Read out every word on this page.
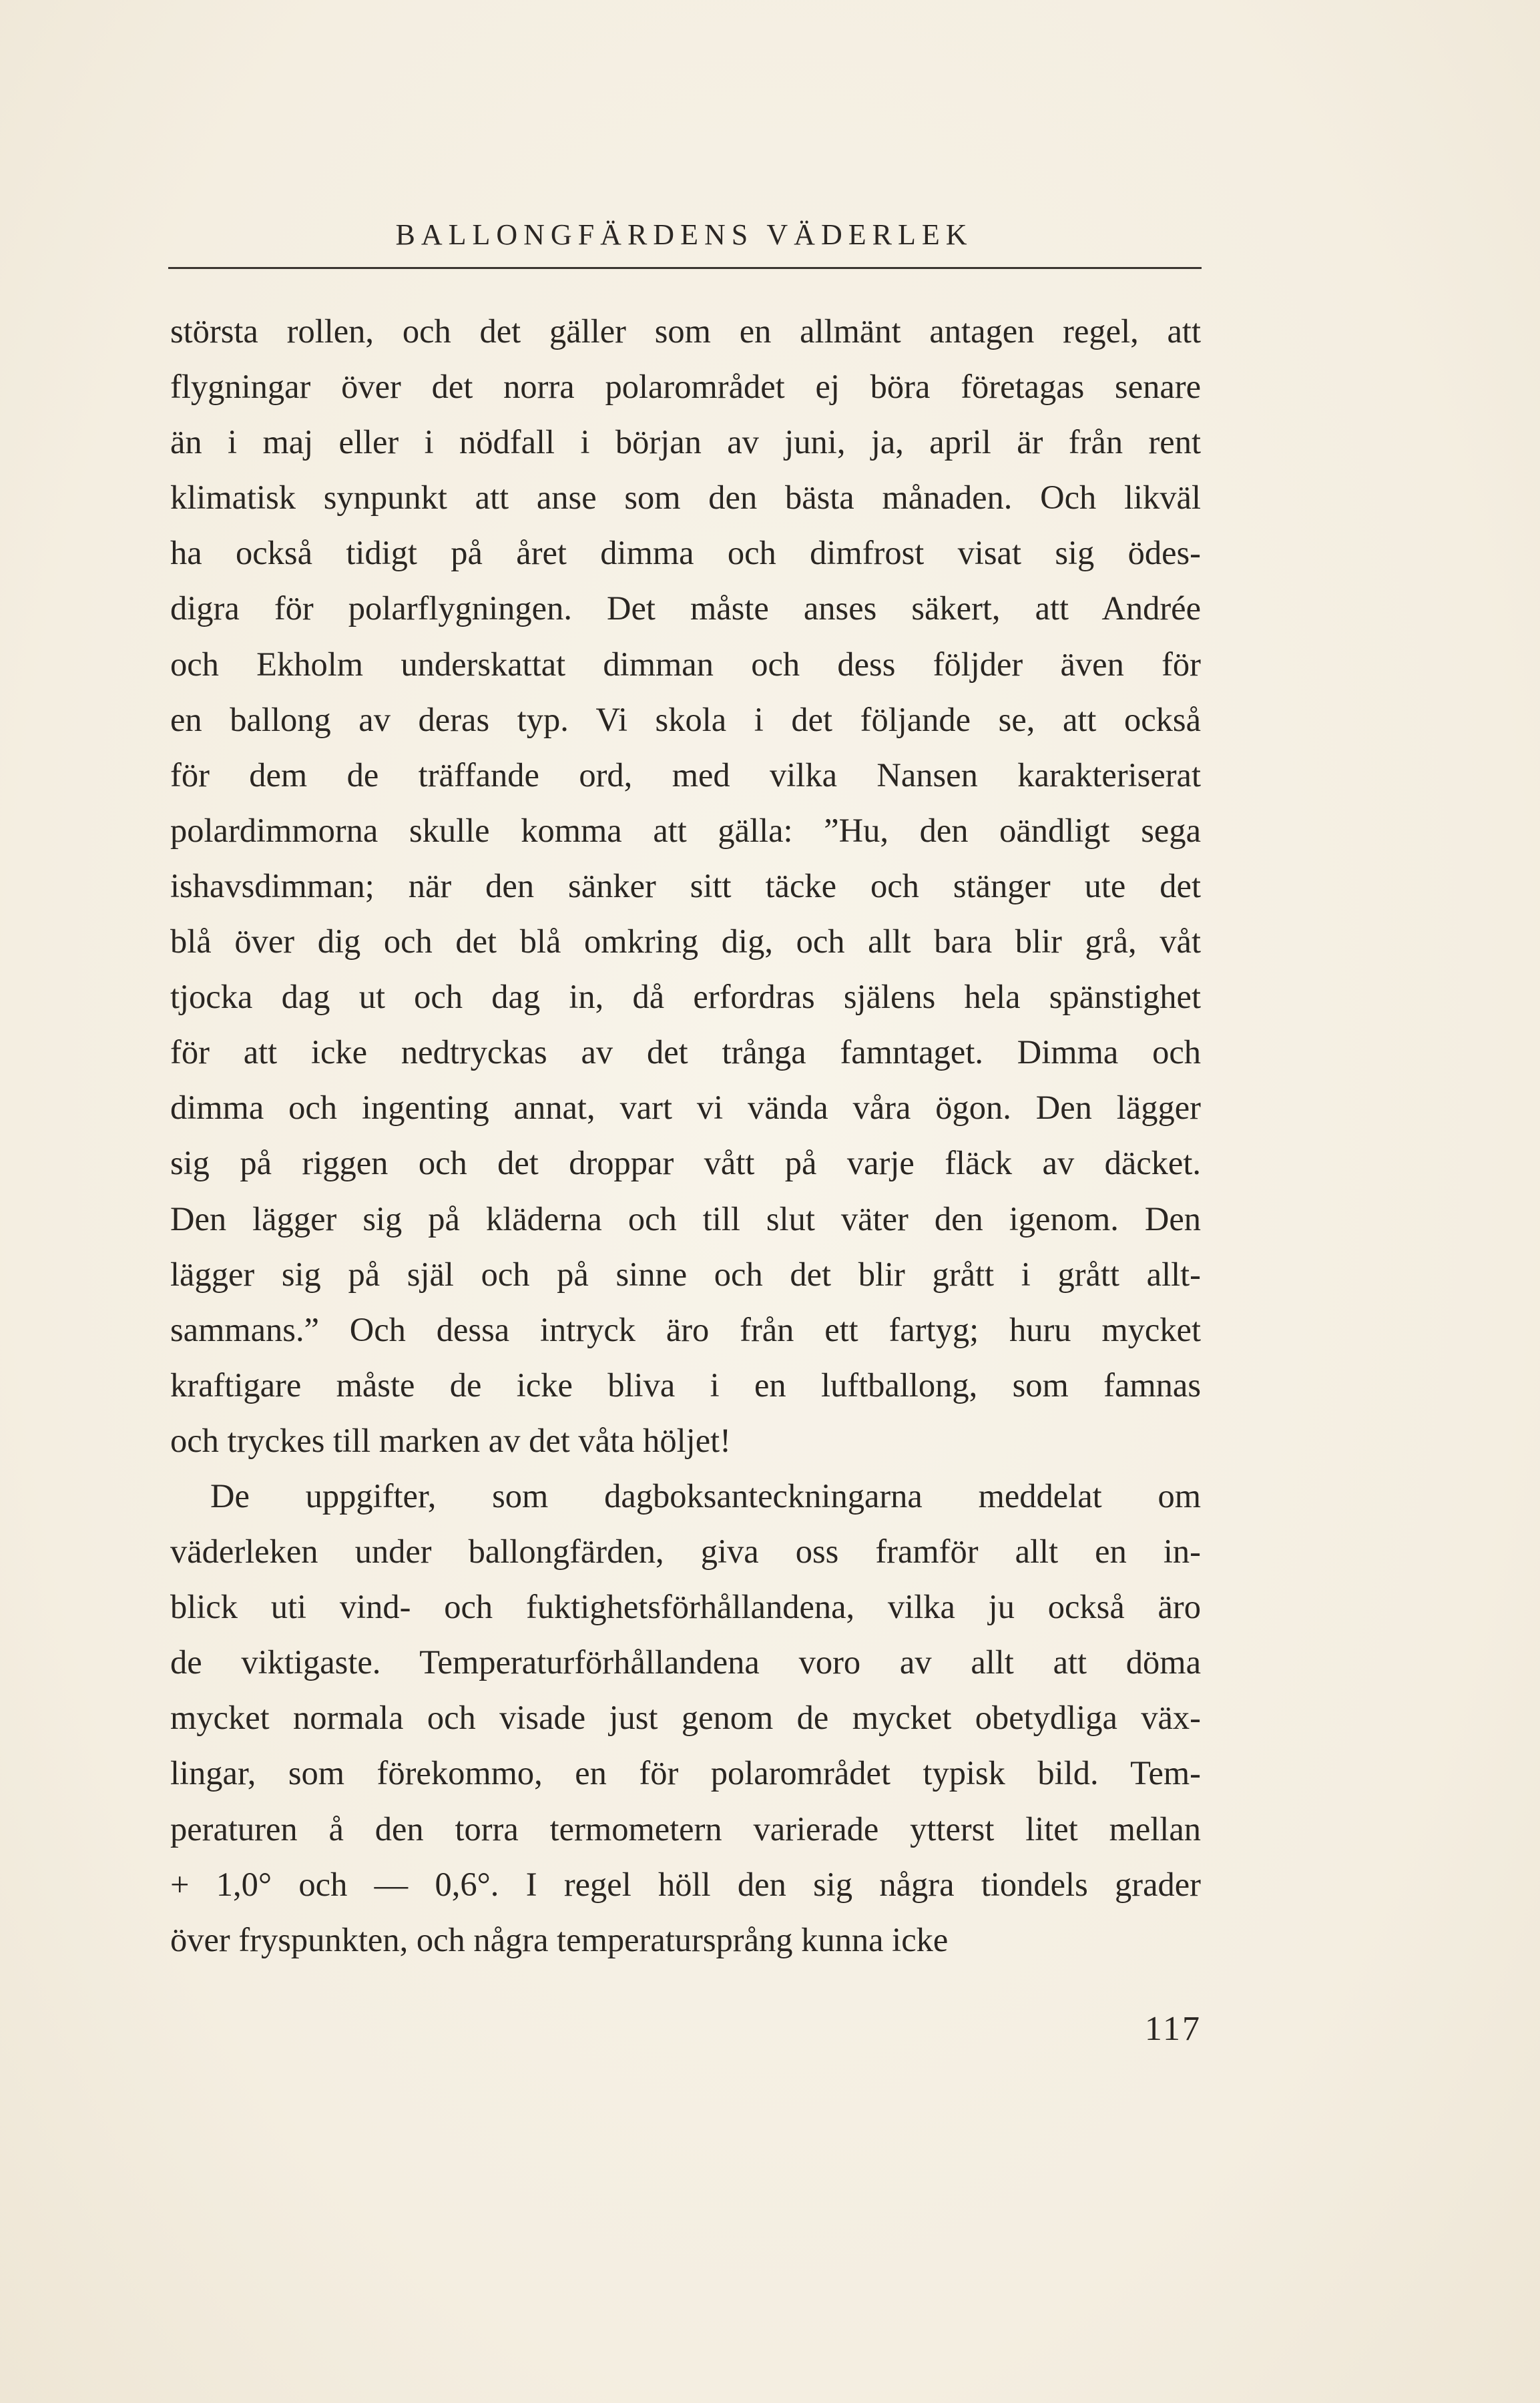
BALLONGFÄRDENS VÄDERLEK

största rollen, och det gäller som en allmänt antagen regel, att
flygningar över det norra polarområdet ej böra företagas senare
än i maj eller i nödfall i början av juni, ja, april är från rent
klimatisk synpunkt att anse som den bästa månaden. Och likväl
ha också tidigt på året dimma och dimfrost visat sig ödes-
digra för polarflygningen. Det måste anses säkert, att Andrée
och Ekholm underskattat dimman och dess följder även för
en ballong av deras typ. Vi skola i det följande se, att också
för dem de träffande ord, med vilka Nansen karakteriserat
polardimmorna skulle komma att gälla: ”Hu, den oändligt sega
ishavsdimman; när den sänker sitt täcke och stänger ute det
blå över dig och det blå omkring dig, och allt bara blir grå, våt
tjocka dag ut och dag in, då erfordras själens hela spänstighet
för att icke nedtryckas av det trånga famntaget. Dimma och
dimma och ingenting annat, vart vi vända våra ögon. Den lägger
sig på riggen och det droppar vått på varje fläck av däcket.
Den lägger sig på kläderna och till slut väter den igenom. Den
lägger sig på själ och på sinne och det blir grått i grått allt-
sammans.” Och dessa intryck äro från ett fartyg; huru mycket
kraftigare måste de icke bliva i en luftballong, som famnas
och tryckes till marken av det våta höljet!

De uppgifter, som dagboksanteckningarna meddelat om
väderleken under ballongfärden, giva oss framför allt en in-
blick uti vind- och fuktighetsförhållandena, vilka ju också äro
de viktigaste. Temperaturförhållandena voro av allt att döma
mycket normala och visade just genom de mycket obetydliga väx-
lingar, som förekommo, en för polarområdet typisk bild. Tem-
peraturen å den torra termometern varierade ytterst litet mellan
+ 1,0° och — 0,6°. I regel höll den sig några tiondels grader
över fryspunkten, och några temperatursprång kunna icke

117
